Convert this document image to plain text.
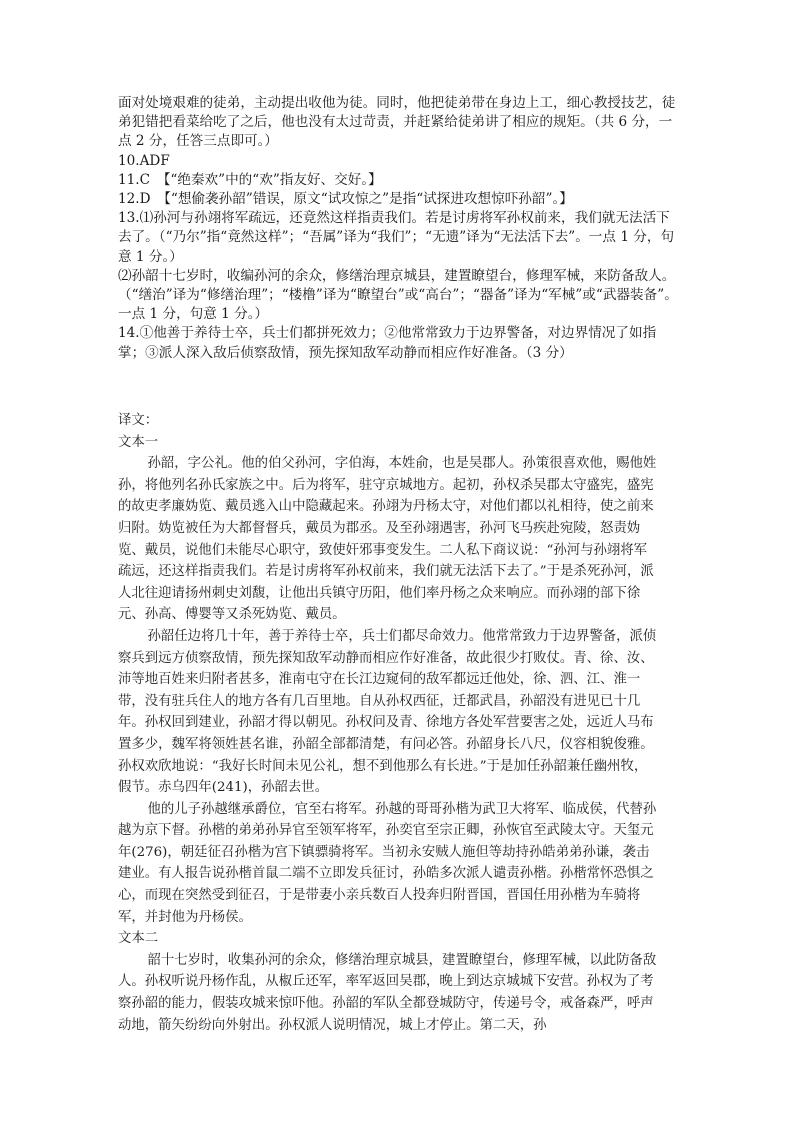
面对处境艰难的徒弟，主动提出收他为徒。同时，他把徒弟带在身边上工，细心教授技艺，徒弟犯错把看菜给吃了之后，他也没有太过苛责，并赶紧给徒弟讲了相应的规矩。（共 6 分，一点 2 分，任答三点即可。）

10.ADF

11.C　【“绝秦欢”中的“欢”指友好、交好。】

12.D　【“想偷袭孙韶”错误，原文“试攻惊之”是指“试探进攻想惊吓孙韶”。】

13.⑴孙河与孙翊将军疏远，还竟然这样指责我们。若是讨虏将军孙权前来，我们就无法活下去了。（“乃尔”指“竟然这样”；“吾属”译为“我们”；“无遗”译为“无法活下去”。一点 1 分，句意 1 分。）

⑵孙韶十七岁时，收编孙河的余众，修缮治理京城县，建置瞭望台，修理军械，来防备敌人。（“缮治”译为“修缮治理”；“楼橹”译为“瞭望台”或“高台”；“器备”译为“军械”或“武器装备”。一点 1 分，句意 1 分。）

14.①他善于养待士卒，兵士们都拼死效力；②他常常致力于边界警备，对边界情况了如指掌；③派人深入敌后侦察敌情，预先探知敌军动静而相应作好准备。（3 分）

译文：

文本一

孙韶，字公礼。他的伯父孙河，字伯海，本姓俞，也是吴郡人。孙策很喜欢他，赐他姓孙，将他列名孙氏家族之中。后为将军，驻守京城地方。起初，孙权杀吴郡太守盛宪，盛宪的故吏孝廉妫览、戴员逃入山中隐藏起来。孙翊为丹杨太守，对他们都以礼相待，使之前来归附。妫览被任为大都督督兵，戴员为郡丞。及至孙翊遇害，孙河飞马疾赴宛陵，怒责妫览、戴员，说他们未能尽心职守，致使奸邪事变发生。二人私下商议说：“孙河与孙翊将军疏远，还这样指责我们。若是讨虏将军孙权前来，我们就无法活下去了。”于是杀死孙河，派人北往迎请扬州刺史刘馥，让他出兵镇守历阳，他们率丹杨之众来响应。而孙翊的部下徐元、孙高、傅婴等又杀死妫览、戴员。

孙韶任边将几十年，善于养待士卒，兵士们都尽命效力。他常常致力于边界警备，派侦察兵到远方侦察敌情，预先探知敌军动静而相应作好准备，故此很少打败仗。青、徐、汝、沛等地百姓来归附者甚多，淮南屯守在长江边窥伺的敌军都远迁他处，徐、泗、江、淮一带，没有驻兵住人的地方各有几百里地。自从孙权西征，迁都武昌，孙韶没有进见已十几年。孙权回到建业，孙韶才得以朝见。孙权问及青、徐地方各处军营要害之处，远近人马布置多少，魏军将领姓甚名谁，孙韶全部都清楚，有问必答。孙韶身长八尺，仪容相貌俊雅。孙权欢欣地说：“我好长时间未见公礼，想不到他那么有长进。”于是加任孙韶兼任幽州牧，假节。赤乌四年(241)，孙韶去世。

他的儿子孙越继承爵位，官至右将军。孙越的哥哥孙楷为武卫大将军、临成侯，代替孙越为京下督。孙楷的弟弟孙异官至领军将军，孙奕官至宗正卿，孙恢官至武陵太守。天玺元年(276)，朝廷征召孙楷为宫下镇骠骑将军。当初永安贼人施但等劫持孙皓弟弟孙谦，袭击建业。有人报告说孙楷首鼠二端不立即发兵征讨，孙皓多次派人谴责孙楷。孙楷常怀恐惧之心，而现在突然受到征召，于是带妻小亲兵数百人投奔归附晋国，晋国任用孙楷为车骑将军，并封他为丹杨侯。

文本二

韶十七岁时，收集孙河的余众，修缮治理京城县，建置瞭望台，修理军械，以此防备敌人。孙权听说丹杨作乱，从椒丘还军，率军返回吴郡，晚上到达京城城下安营。孙权为了考察孙韶的能力，假装攻城来惊吓他。孙韶的军队全都登城防守，传递号令，戒备森严，呼声动地，箭矢纷纷向外射出。孙权派人说明情况，城上才停止。第二天，孙
